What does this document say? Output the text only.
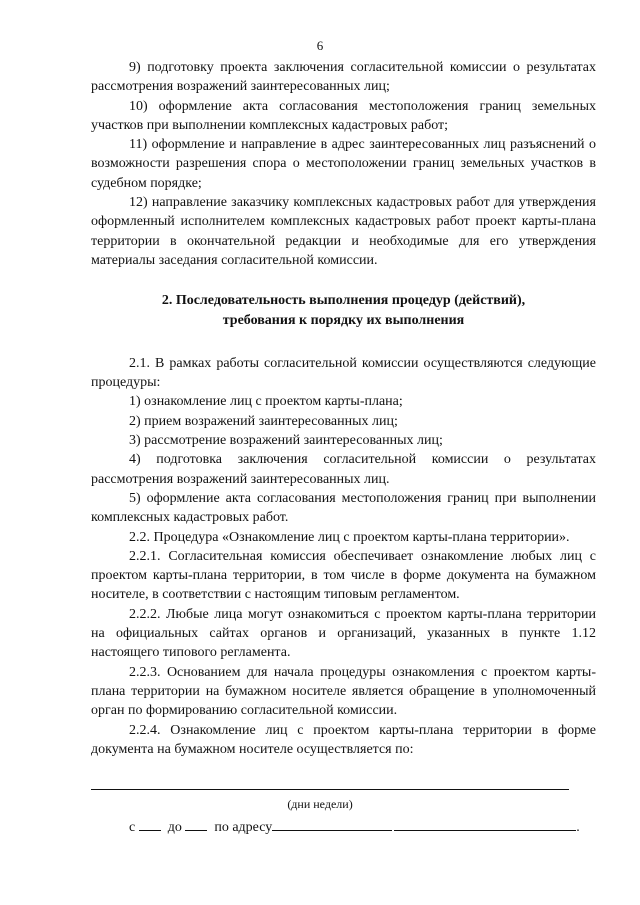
6

9) подготовку проекта заключения согласительной комиссии о результатах рассмотрения возражений заинтересованных лиц;

10) оформление акта согласования местоположения границ земельных участков при выполнении комплексных кадастровых работ;

11) оформление и направление в адрес заинтересованных лиц разъяснений о возможности разрешения спора о местоположении границ земельных участков в судебном порядке;

12) направление заказчику комплексных кадастровых работ для утверждения оформленный исполнителем комплексных кадастровых работ проект карты-плана территории в окончательной редакции и необходимые для его утверждения материалы заседания согласительной комиссии.

2. Последовательность выполнения процедур (действий),
требования к порядку их выполнения

2.1. В рамках работы согласительной комиссии осуществляются следующие процедуры:

1) ознакомление лиц с проектом карты-плана;

2) прием возражений заинтересованных лиц;

3) рассмотрение возражений заинтересованных лиц;

4) подготовка заключения согласительной комиссии о результатах рассмотрения возражений заинтересованных лиц.

5) оформление акта согласования местоположения границ при выполнении комплексных кадастровых работ.

2.2. Процедура «Ознакомление лиц с проектом карты-плана территории».

2.2.1. Согласительная комиссия обеспечивает ознакомление любых лиц с проектом карты-плана территории, в том числе в форме документа на бумажном носителе, в соответствии с настоящим типовым регламентом.

2.2.2. Любые лица могут ознакомиться с проектом карты-плана территории на официальных сайтах органов и организаций, указанных в пункте 1.12 настоящего типового регламента.

2.2.3. Основанием для начала процедуры ознакомления с проектом карты-плана территории на бумажном носителе является обращение в уполномоченный орган по формированию согласительной комиссии.

2.2.4. Ознакомление лиц с проектом карты-плана территории в форме документа на бумажном носителе осуществляется по:

(дни недели)
с до по адресу	.
